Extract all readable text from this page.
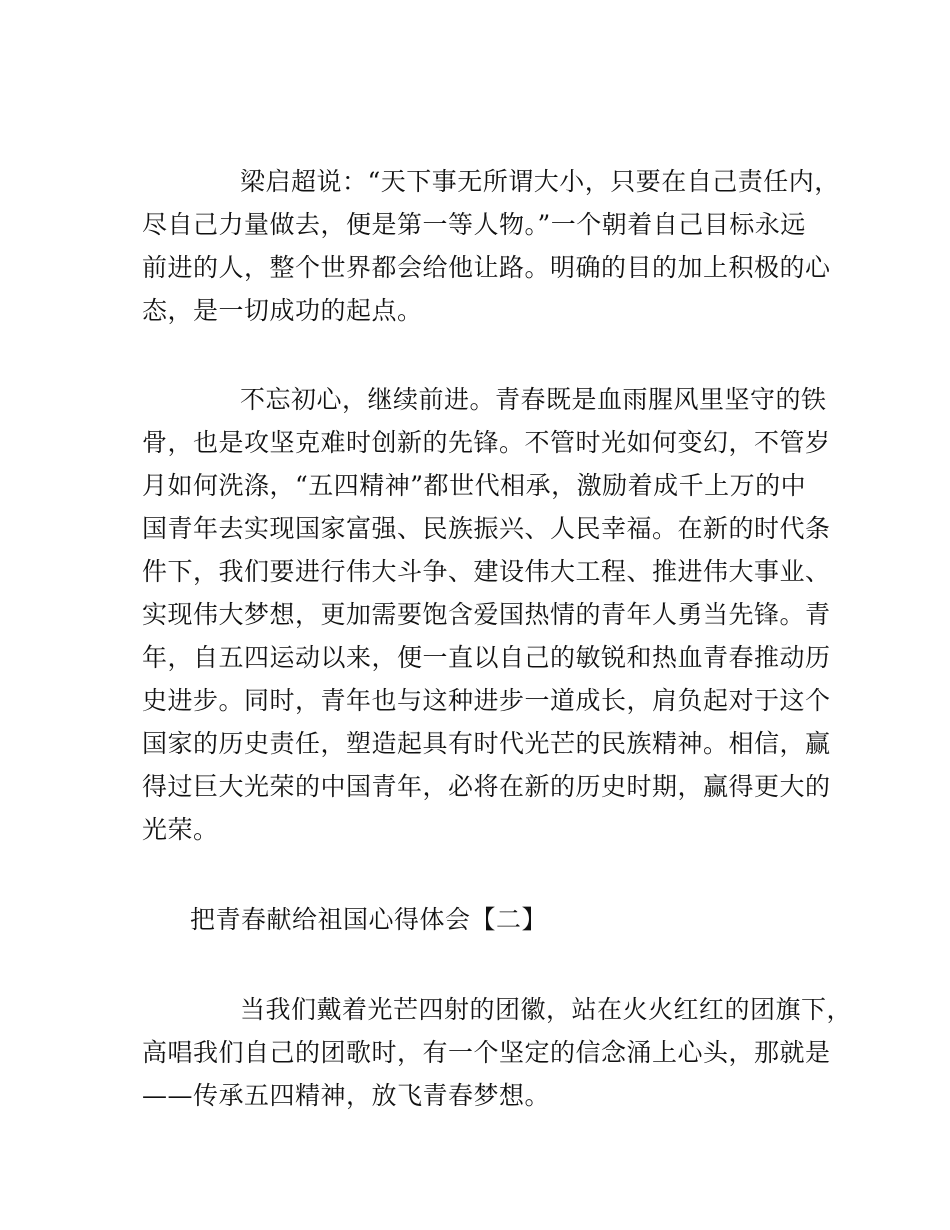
梁启超说：“天下事无所谓大小，只要在自己责任内，
尽自己力量做去，便是第一等人物。”一个朝着自己目标永远
前进的人，整个世界都会给他让路。明确的目的加上积极的心
态，是一切成功的起点。
不忘初心，继续前进。青春既是血雨腥风里坚守的铁
骨，也是攻坚克难时创新的先锋。不管时光如何变幻，不管岁
月如何洗涤，“五四精神”都世代相承，激励着成千上万的中
国青年去实现国家富强、民族振兴、人民幸福。在新的时代条
件下，我们要进行伟大斗争、建设伟大工程、推进伟大事业、
实现伟大梦想，更加需要饱含爱国热情的青年人勇当先锋。青
年，自五四运动以来，便一直以自己的敏锐和热血青春推动历
史进步。同时，青年也与这种进步一道成长，肩负起对于这个
国家的历史责任，塑造起具有时代光芒的民族精神。相信，赢
得过巨大光荣的中国青年，必将在新的历史时期，赢得更大的
光荣。
把青春献给祖国心得体会【二】
当我们戴着光芒四射的团徽，站在火火红红的团旗下，
高唱我们自己的团歌时，有一个坚定的信念涌上心头，那就是
——传承五四精神，放飞青春梦想。
